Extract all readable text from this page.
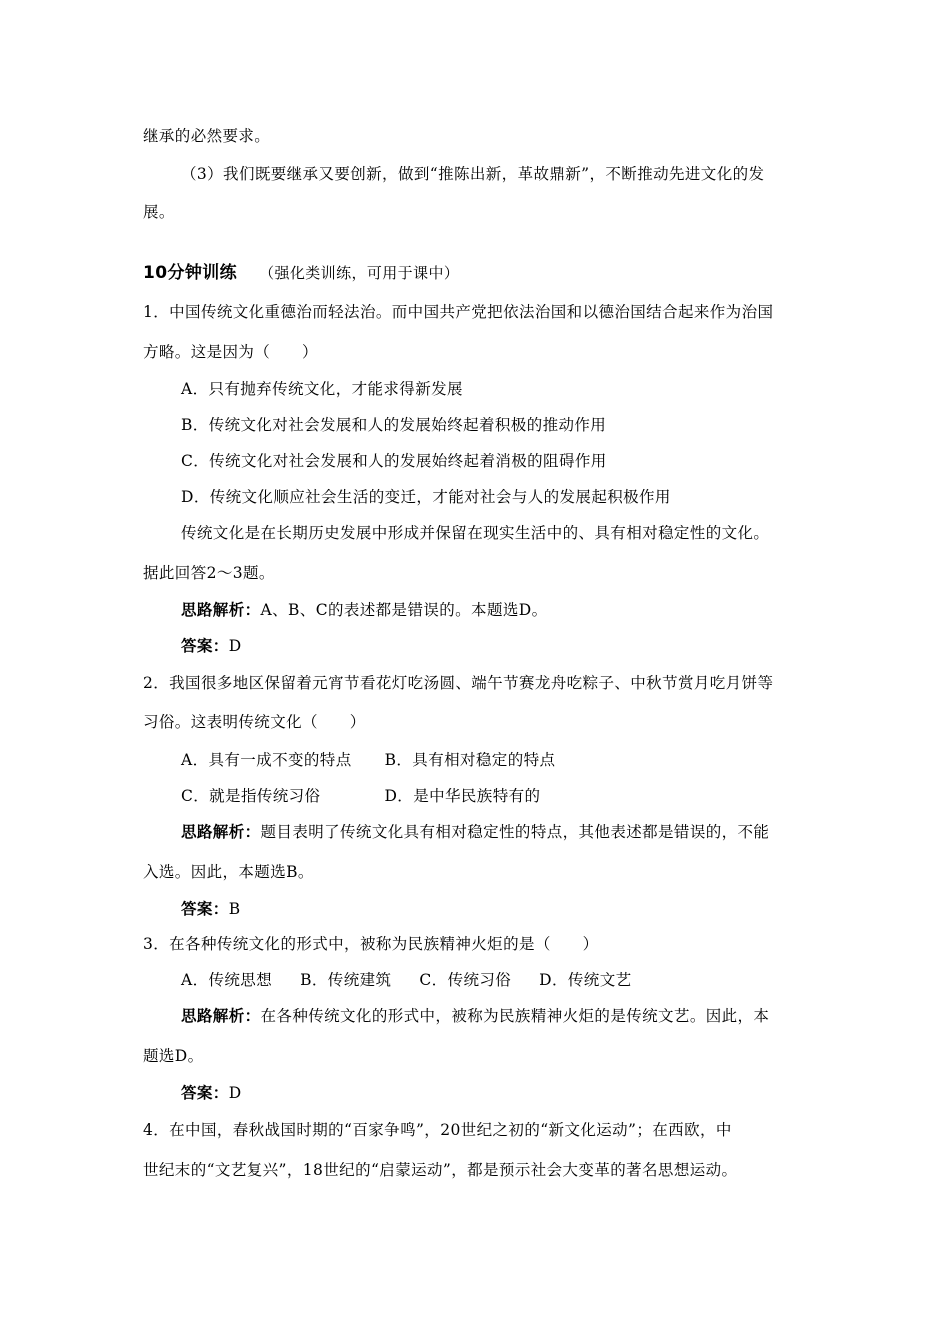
继承的必然要求。
（3）我们既要继承又要创新，做到“推陈出新，革故鼎新”，不断推动先进文化的发
展。
10分钟训练 （强化类训练，可用于课中）
1．中国传统文化重德治而轻法治。而中国共产党把依法治国和以德治国结合起来作为治国
方略。这是因为（　　）
A．只有抛弃传统文化，才能求得新发展
B．传统文化对社会发展和人的发展始终起着积极的推动作用
C．传统文化对社会发展和人的发展始终起着消极的阻碍作用
D．传统文化顺应社会生活的变迁，才能对社会与人的发展起积极作用
传统文化是在长期历史发展中形成并保留在现实生活中的、具有相对稳定性的文化。
据此回答2～3题。
思路解析：A、B、C的表述都是错误的。本题选D。
答案：D
2．我国很多地区保留着元宵节看花灯吃汤圆、端午节赛龙舟吃粽子、中秋节赏月吃月饼等
习俗。这表明传统文化（　　）
A．具有一成不变的特点 B．具有相对稳定的特点
C．就是指传统习俗	D．是中华民族特有的
思路解析：题目表明了传统文化具有相对稳定性的特点，其他表述都是错误的，不能
入选。因此，本题选B。
答案：B
3．在各种传统文化的形式中，被称为民族精神火炬的是（　　）
A．传统思想 B．传统建筑 C．传统习俗 D．传统文艺
思路解析：在各种传统文化的形式中，被称为民族精神火炬的是传统文艺。因此，本
题选D。
答案：D
4．在中国，春秋战国时期的“百家争鸣”，20世纪之初的“新文化运动”；在西欧，中
世纪末的“文艺复兴”，18世纪的“启蒙运动”，都是预示社会大变革的著名思想运动。
